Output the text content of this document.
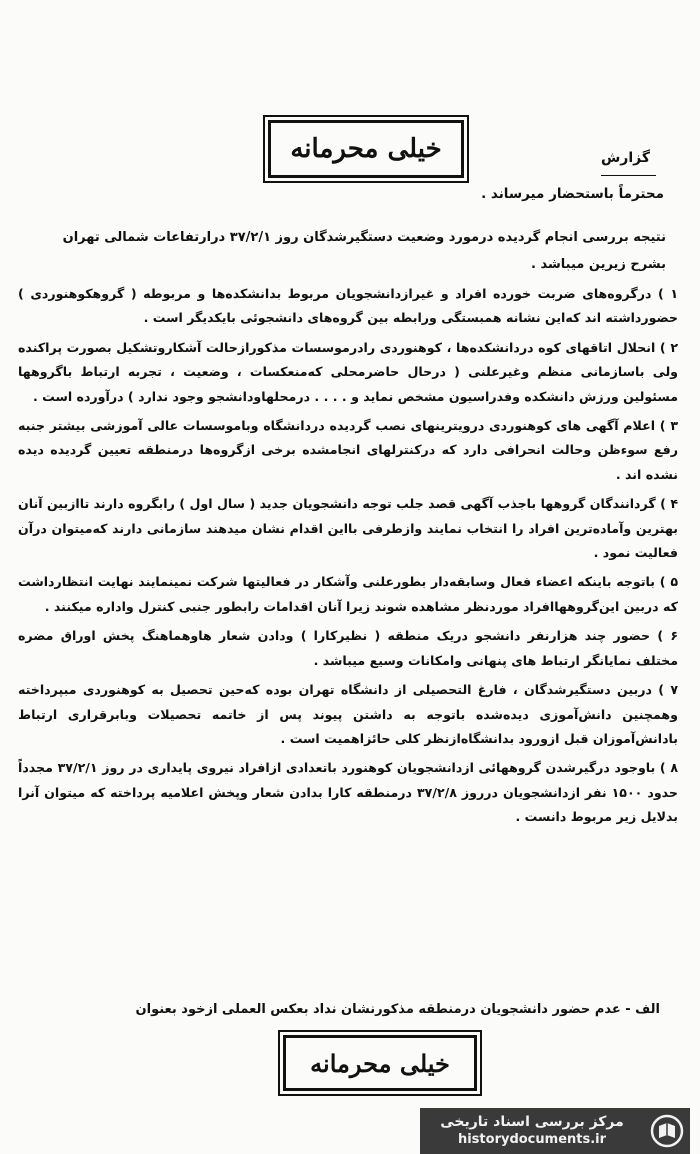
خیلی محرمانه	گزارش
محترماً باستحضار میرساند .
نتیجه بررسی انجام گردیده درمورد وضعیت دستگیرشدگان روز ۳۷/۲/۱ درارتفاعات شمالی تهران بشرح زیرین میباشد .
۱ ) درگروه‌های ضربت خورده افراد و غیرازدانشجویان مربوط بدانشکده‌ها و مربوطه ( گروهکوهنوردی ) حضورداشته اند که‌این نشانه همبستگی ورابطه بین گروه‌های دانشجوئی بایکدیگر است .
۲ ) انحلال اتاقهای کوه دردانشکده‌ها ، کوهنوردی رادرموسسات مذکورازحالت آشکاروتشکیل بصورت پراکنده ولی باسازمانی منظم وغیرعلنی ( درحال حاضرمحلی که‌منعکسات ، وضعیت ، تجربه ارتباط باگروهها مسئولین ورزش دانشکده وفدراسیون مشخص نماید و . . . . درمحلهاودانشجو وجود ندارد ) درآورده است .
۳ ) اعلام آگهی های کوهنوردی درویترینهای نصب گردیده دردانشگاه وباموسسات عالی آموزشی بیشتر جنبه رفع سوءظن وحالت انحرافی دارد که درکنترلهای انجامشده برخی ازگروه‌ها درمنطقه تعیین گردیده دیده نشده اند .
۴ ) گردانندگان گروهها باجذب آگهی قصد جلب توجه دانشجویان جدید ( سال اول ) رابگروه دارند تاازبین آنان بهترین وآماده‌ترین افراد را انتخاب نمایند وازطرفی بااین اقدام نشان میدهند سازمانی دارند که‌میتوان درآن فعالیت نمود .
۵ ) باتوجه باینکه اعضاء فعال وسابقه‌دار بطورعلنی وآشکار در فعالیتها شرکت نمینمایند نهایت انتظارداشت که دربین این‌گروهها‌افراد موردنظر مشاهده شوند زیرا آنان اقدامات رابطور جنبی کنترل واداره میکنند .
۶ ) حضور چند هزارنفر دانشجو دریک منطقه ( نظیرکارا ) ودادن شعار هاوهماهنگ پخش اوراق مضره مختلف نمایانگر ارتباط های پنهانی وامکانات وسیع میباشد .
۷ ) دربین دستگیرشدگان ، فارغ التحصیلی از دانشگاه تهران بوده که‌حین تحصیل به کوهنوردی مبپرداخته وهمچنین دانش‌آموزی دیده‌شده‌ باتوجه به داشتن پیوند پس از خاتمه تحصیلات وبابرقراری ارتباط بادانش‌آموزان قبل ازورود بدانشگاه‌ازنظر کلی حائزاهمیت است .
۸ ) باوجود درگیرشدن گروههائی ازدانشجویان کوهنورد باتعدادی ازافراد نیروی پایداری در روز ۳۷/۲/۱ مجدداً حدود ۱۵۰۰ نفر ازدانشجویان درروز ۳۷/۲/۸ درمنطقه کارا بدادن شعار وپخش اعلامیه پرداخته که میتوان آنرا بدلایل زیر مربوط دانست .
الف - عدم حضور دانشجویان درمنطقه مذکورنشان نداد بعکس العملی ازخود بعنوان
خیلی محرمانه
مرکز بررسی اسناد تاریخی
historydocuments.ir
